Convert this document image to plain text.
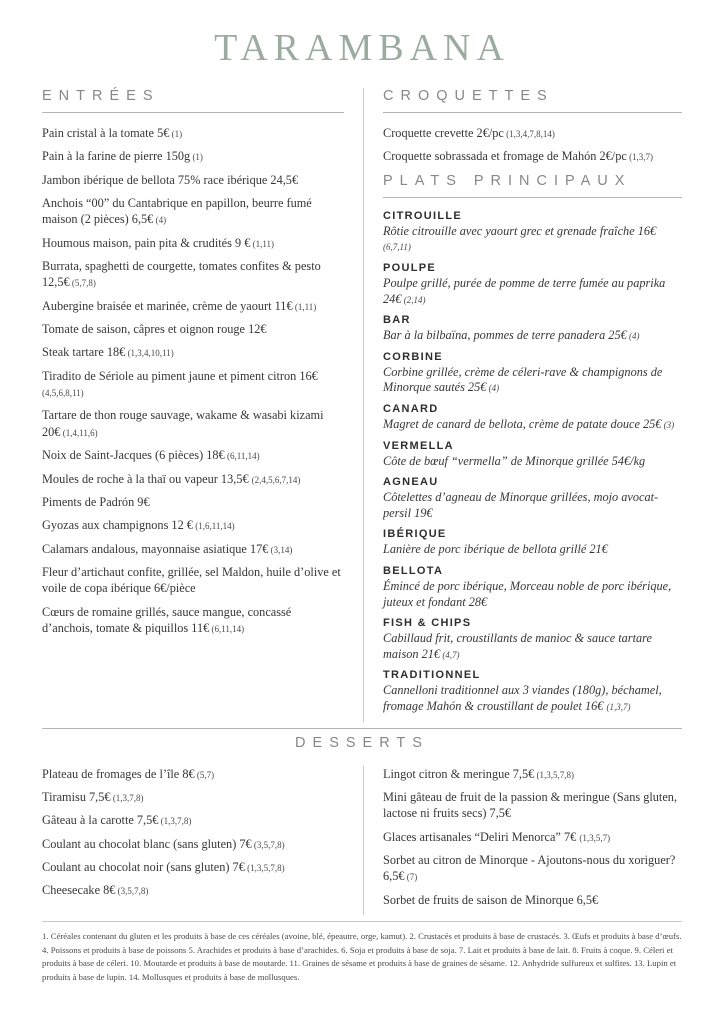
TARAMBANA
ENTRÉES
Pain cristal à la tomate 5€ (1)
Pain à la farine de pierre 150g (1)
Jambon ibérique de bellota 75% race ibérique 24,5€
Anchois “00” du Cantabrique en papillon, beurre fumé maison (2 pièces) 6,5€ (4)
Houmous maison, pain pita & crudités 9 € (1,11)
Burrata, spaghetti de courgette, tomates confites & pesto 12,5€ (5,7,8)
Aubergine braisée et marinée, crème de yaourt 11€ (1,11)
Tomate de saison, câpres et oignon rouge 12€
Steak tartare 18€ (1,3,4,10,11)
Tiradito de Sériole au piment jaune et piment citron 16€ (4,5,6,8,11)
Tartare de thon rouge sauvage, wakame & wasabi kizami 20€ (1,4,11,6)
Noix de Saint-Jacques (6 pièces) 18€ (6,11,14)
Moules de roche à la thaï ou vapeur 13,5€ (2,4,5,6,7,14)
Piments de Padrón 9€
Gyozas aux champignons 12 € (1,6,11,14)
Calamars andalous, mayonnaise asiatique 17€ (3,14)
Fleur d’artichaut confite, grillée, sel Maldon, huile d’olive et voile de copa ibérique 6€/pièce
Cœurs de romaine grillés, sauce mangue, concassé d’anchois, tomate & piquillos 11€ (6,11,14)
CROQUETTES
Croquette crevette 2€/pc (1,3,4,7,8,14)
Croquette sobrassada et fromage de Mahón 2€/pc (1,3,7)
PLATS PRINCIPAUX
CITROUILLE
Rôtie citrouille avec yaourt grec et grenade fraîche 16€ (6,7,11)
POULPE
Poulpe grillé, purée de pomme de terre fumée au paprika 24€ (2,14)
BAR
Bar à la bilbaïna, pommes de terre panadera 25€ (4)
CORBINE
Corbine grillée, crème de céleri-rave & champignons de Minorque sautés 25€ (4)
CANARD
Magret de canard de bellota, crème de patate douce 25€ (3)
VERMELLA
Côte de bœuf “vermella” de Minorque grillée 54€/kg
AGNEAU
Côtelettes d’agneau de Minorque grillées, mojo avocat-persil 19€
IBÉRIQUE
Lanière de porc ibérique de bellota grillé 21€
BELLOTA
Émincé de porc ibérique, Morceau noble de porc ibérique, juteux et fondant 28€
FISH & CHIPS
Cabillaud frit, croustillants de manioc & sauce tartare maison 21€ (4,7)
TRADITIONNEL
Cannelloni traditionnel aux 3 viandes (180g), béchamel, fromage Mahón & croustillant de poulet 16€ (1,3,7)
DESSERTS
Plateau de fromages de l’île 8€ (5,7)
Tiramisu 7,5€ (1,3,7,8)
Gâteau à la carotte 7,5€ (1,3,7,8)
Coulant au chocolat blanc (sans gluten) 7€ (3,5,7,8)
Coulant au chocolat noir (sans gluten) 7€ (1,3,5,7,8)
Cheesecake 8€ (3,5,7,8)
Lingot citron & meringue 7,5€ (1,3,5,7,8)
Mini gâteau de fruit de la passion & meringue (Sans gluten, lactose ni fruits secs) 7,5€
Glaces artisanales “Deliri Menorca” 7€ (1,3,5,7)
Sorbet au citron de Minorque - Ajoutons-nous du xoriguer? 6,5€ (7)
Sorbet de fruits de saison de Minorque 6,5€

1. Céréales contenant du gluten et les produits à base de ces céréales (avoine, blé, épeautre, orge, kamut). 2. Crustacés et produits à base de crustacés. 3. Œufs et produits à base d’œufs. 4. Poissons et produits à base de poissons 5. Arachides et produits à base d’arachides. 6. Soja et produits à base de soja. 7. Lait et produits à base de lait. 8. Fruits à coque. 9. Céleri et produits à base de céleri. 10. Moutarde et produits à base de moutarde. 11. Graines de sésame et produits à base de graines de sésame. 12. Anhydride sulfureux et sulfites. 13. Lupin et produits à base de lupin. 14. Mollusques et produits à base de mollusques.
